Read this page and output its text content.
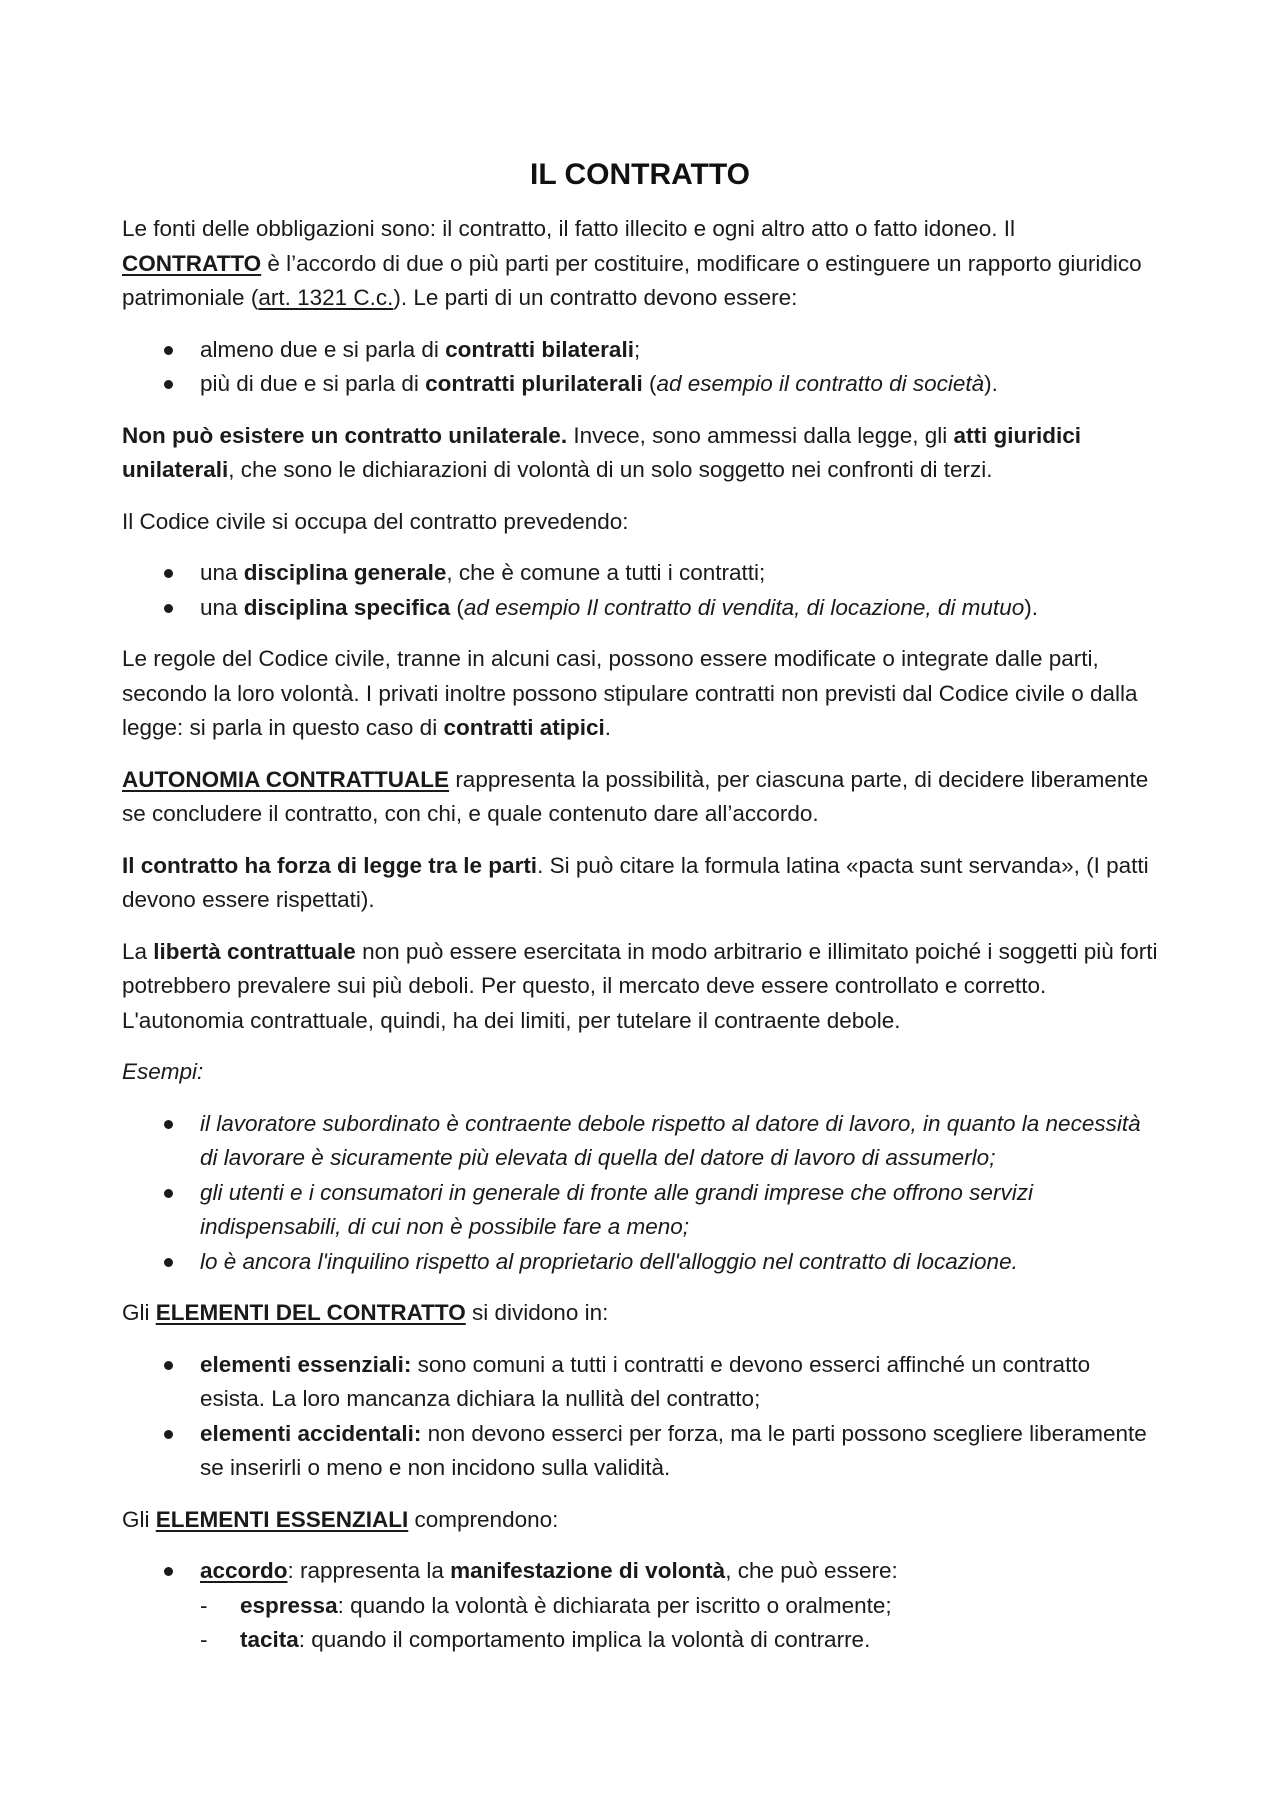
IL CONTRATTO

Le fonti delle obbligazioni sono: il contratto, il fatto illecito e ogni altro atto o fatto idoneo. Il CONTRATTO è l’accordo di due o più parti per costituire, modificare o estinguere un rapporto giuridico patrimoniale (art. 1321 C.c.). Le parti di un contratto devono essere:

almeno due e si parla di contratti bilaterali;
più di due e si parla di contratti plurilaterali (ad esempio il contratto di società).

Non può esistere un contratto unilaterale. Invece, sono ammessi dalla legge, gli atti giuridici unilaterali, che sono le dichiarazioni di volontà di un solo soggetto nei confronti di terzi.

Il Codice civile si occupa del contratto prevedendo:

una disciplina generale, che è comune a tutti i contratti;
una disciplina specifica (ad esempio Il contratto di vendita, di locazione, di mutuo).

Le regole del Codice civile, tranne in alcuni casi, possono essere modificate o integrate dalle parti, secondo la loro volontà. I privati inoltre possono stipulare contratti non previsti dal Codice civile o dalla legge: si parla in questo caso di contratti atipici.

AUTONOMIA CONTRATTUALE rappresenta la possibilità, per ciascuna parte, di decidere liberamente se concludere il contratto, con chi, e quale contenuto dare all’accordo.

Il contratto ha forza di legge tra le parti. Si può citare la formula latina «pacta sunt servanda», (I patti devono essere rispettati).

La libertà contrattuale non può essere esercitata in modo arbitrario e illimitato poiché i soggetti più forti potrebbero prevalere sui più deboli. Per questo, il mercato deve essere controllato e corretto. L'autonomia contrattuale, quindi, ha dei limiti, per tutelare il contraente debole.

Esempi:

il lavoratore subordinato è contraente debole rispetto al datore di lavoro, in quanto la necessità di lavorare è sicuramente più elevata di quella del datore di lavoro di assumerlo;
gli utenti e i consumatori in generale di fronte alle grandi imprese che offrono servizi indispensabili, di cui non è possibile fare a meno;
lo è ancora l'inquilino rispetto al proprietario dell'alloggio nel contratto di locazione.

Gli ELEMENTI DEL CONTRATTO si dividono in:

elementi essenziali: sono comuni a tutti i contratti e devono esserci affinché un contratto esista. La loro mancanza dichiara la nullità del contratto;
elementi accidentali: non devono esserci per forza, ma le parti possono scegliere liberamente se inserirli o meno e non incidono sulla validità.

Gli ELEMENTI ESSENZIALI comprendono:

accordo: rappresenta la manifestazione di volontà, che può essere:
- espressa: quando la volontà è dichiarata per iscritto o oralmente;
- tacita: quando il comportamento implica la volontà di contrarre.
